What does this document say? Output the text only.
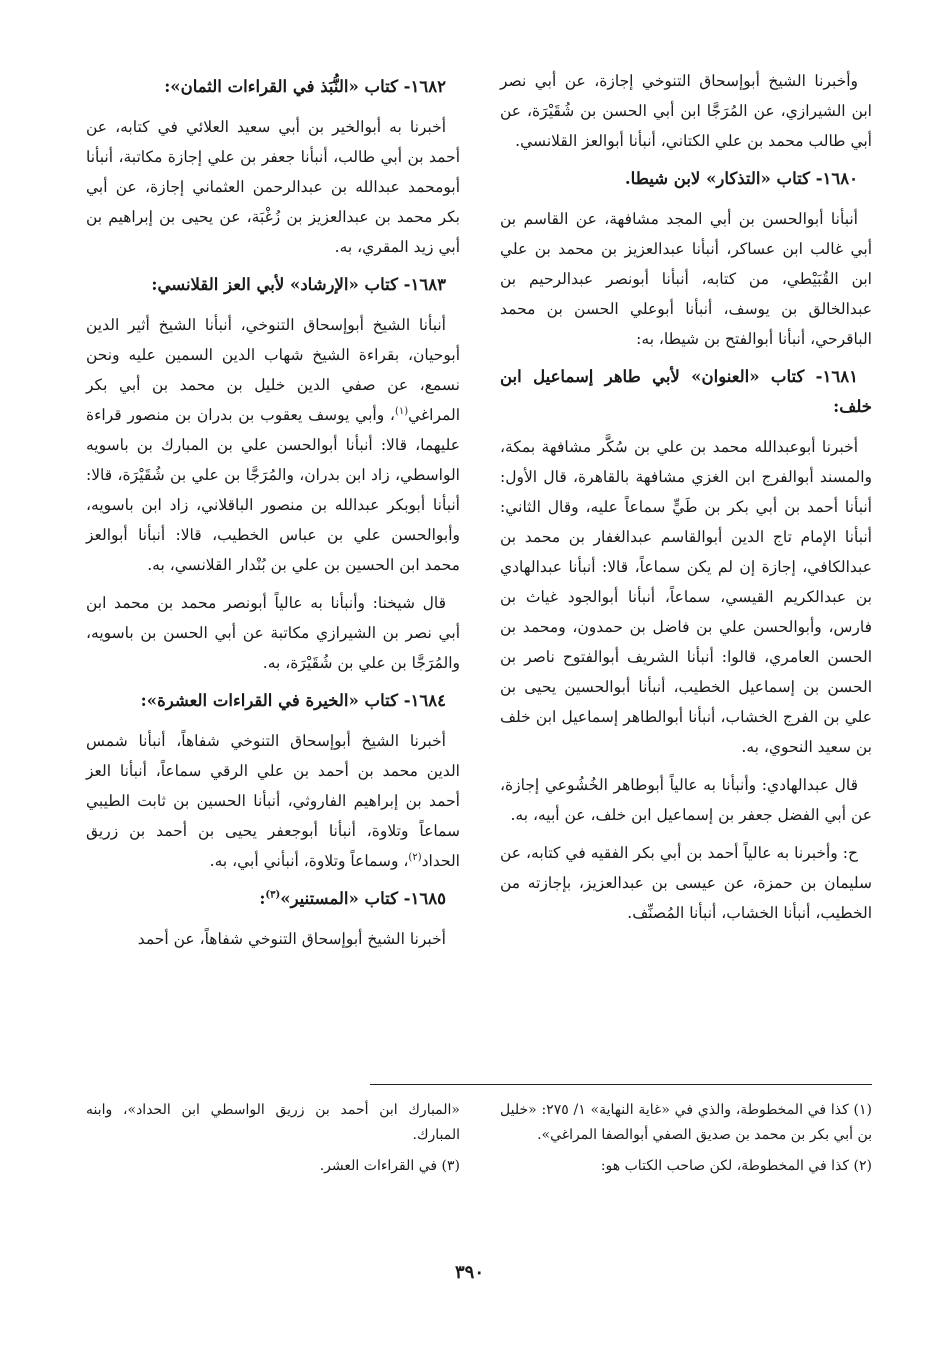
وأخبرنا الشيخ أبوإسحاق التنوخي إجازة، عن أبي نصر ابن الشيرازي، عن المُرَجَّا ابن أبي الحسن بن شُقَيْرَة، عن أبي طالب محمد بن علي الكتاني، أنبأنا أبوالعز القلانسي.

١٦٨٠- كتاب «التذكار» لابن شيطا.

أنبأنا أبوالحسن بن أبي المجد مشافهة، عن القاسم بن أبي غالب ابن عساكر، أنبأنا عبدالعزيز بن محمد بن علي ابن القُبَيْطي، من كتابه، أنبأنا أبونصر عبدالرحيم بن عبدالخالق بن يوسف، أنبأنا أبوعلي الحسن بن محمد الباقرحي، أنبأنا أبوالفتح بن شيطا، به:

١٦٨١- كتاب «العنوان» لأبي طاهر إسماعيل ابن خلف:

أخبرنا أبوعبدالله محمد بن علي بن سُكَّر مشافهة بمكة، والمسند أبوالفرج ابن الغزي مشافهة بالقاهرة، قال الأول: أنبأنا أحمد بن أبي بكر بن طَيٍّ سماعاً عليه، وقال الثاني: أنبأنا الإمام تاج الدين أبوالقاسم عبدالغفار بن محمد بن عبدالكافي، إجازة إن لم يكن سماعاً، قالا: أنبأنا عبدالهادي بن عبدالكريم القيسي، سماعاً، أنبأنا أبوالجود غياث بن فارس، وأبوالحسن علي بن فاضل بن حمدون، ومحمد بن الحسن العامري، قالوا: أنبأنا الشريف أبوالفتوح ناصر بن الحسن بن إسماعيل الخطيب، أنبأنا أبوالحسين يحيى بن علي بن الفرج الخشاب، أنبأنا أبوالطاهر إسماعيل ابن خلف بن سعيد النحوي، به.

قال عبدالهادي: وأنبأنا به عالياً أبوطاهر الخُشُوعي إجازة، عن أبي الفضل جعفر بن إسماعيل ابن خلف، عن أبيه، به.

ح: وأخبرنا به عالياً أحمد بن أبي بكر الفقيه في كتابه، عن سليمان بن حمزة، عن عيسى بن عبدالعزيز، بإجازته من الخطيب، أنبأنا الخشاب، أنبأنا المُصنِّف.

١٦٨٢- كتاب «النُّبَذ في القراءات الثمان»:

أخبرنا به أبوالخير بن أبي سعيد العلائي في كتابه، عن أحمد بن أبي طالب، أنبأنا جعفر بن علي إجازة مكاتبة، أنبأنا أبومحمد عبدالله بن عبدالرحمن العثماني إجازة، عن أبي بكر محمد بن عبدالعزيز بن زُغْبَة، عن يحيى بن إبراهيم بن أبي زيد المقري، به.

١٦٨٣- كتاب «الإرشاد» لأبي العز القلانسي:

أنبأنا الشيخ أبوإسحاق التنوخي، أنبأنا الشيخ أثير الدين أبوحيان، بقراءة الشيخ شهاب الدين السمين عليه ونحن نسمع، عن صفي الدين خليل بن محمد بن أبي بكر المراغي$^{(١)}$، وأبي يوسف يعقوب بن بدران بن منصور قراءة عليهما، قالا: أنبأنا أبوالحسن علي بن المبارك بن باسويه الواسطي، زاد ابن بدران، والمُرَجَّا بن علي بن شُقَيْرَة، قالا: أنبأنا أبوبكر عبدالله بن منصور الباقلاني، زاد ابن باسويه، وأبوالحسن علي بن عباس الخطيب، قالا: أنبأنا أبوالعز محمد ابن الحسين بن علي بن بُنْدار القلانسي، به.

قال شيخنا: وأنبأنا به عالياً أبونصر محمد بن محمد ابن أبي نصر بن الشيرازي مكاتبة عن أبي الحسن بن باسويه، والمُرَجَّا بن علي بن شُقَيْرَة، به.

١٦٨٤- كتاب «الخيرة في القراءات العشرة»:

أخبرنا الشيخ أبوإسحاق التنوخي شفاهاً، أنبأنا شمس الدين محمد بن أحمد بن علي الرقي سماعاً، أنبأنا العز أحمد بن إبراهيم الفاروثي، أنبأنا الحسين بن ثابت الطيبي سماعاً وتلاوة، أنبأنا أبوجعفر يحيى بن أحمد بن زريق الحداد$^{(٢)}$، وسماعاً وتلاوة، أنبأني أبي، به.

١٦٨٥- كتاب «المستنير»$^{(٣)}$:

أخبرنا الشيخ أبوإسحاق التنوخي شفاهاً، عن أحمد

(١) كذا في المخطوطة، والذي في «غاية النهاية» ١/ ٢٧٥: «خليل بن أبي بكر بن محمد بن صديق الصفي أبوالصفا المراغي».

(٢) كذا في المخطوطة، لكن صاحب الكتاب هو:

«المبارك ابن أحمد بن زريق الواسطي ابن الحداد»، وابنه المبارك.

(٣) في القراءات العشر.

٣٩٠
